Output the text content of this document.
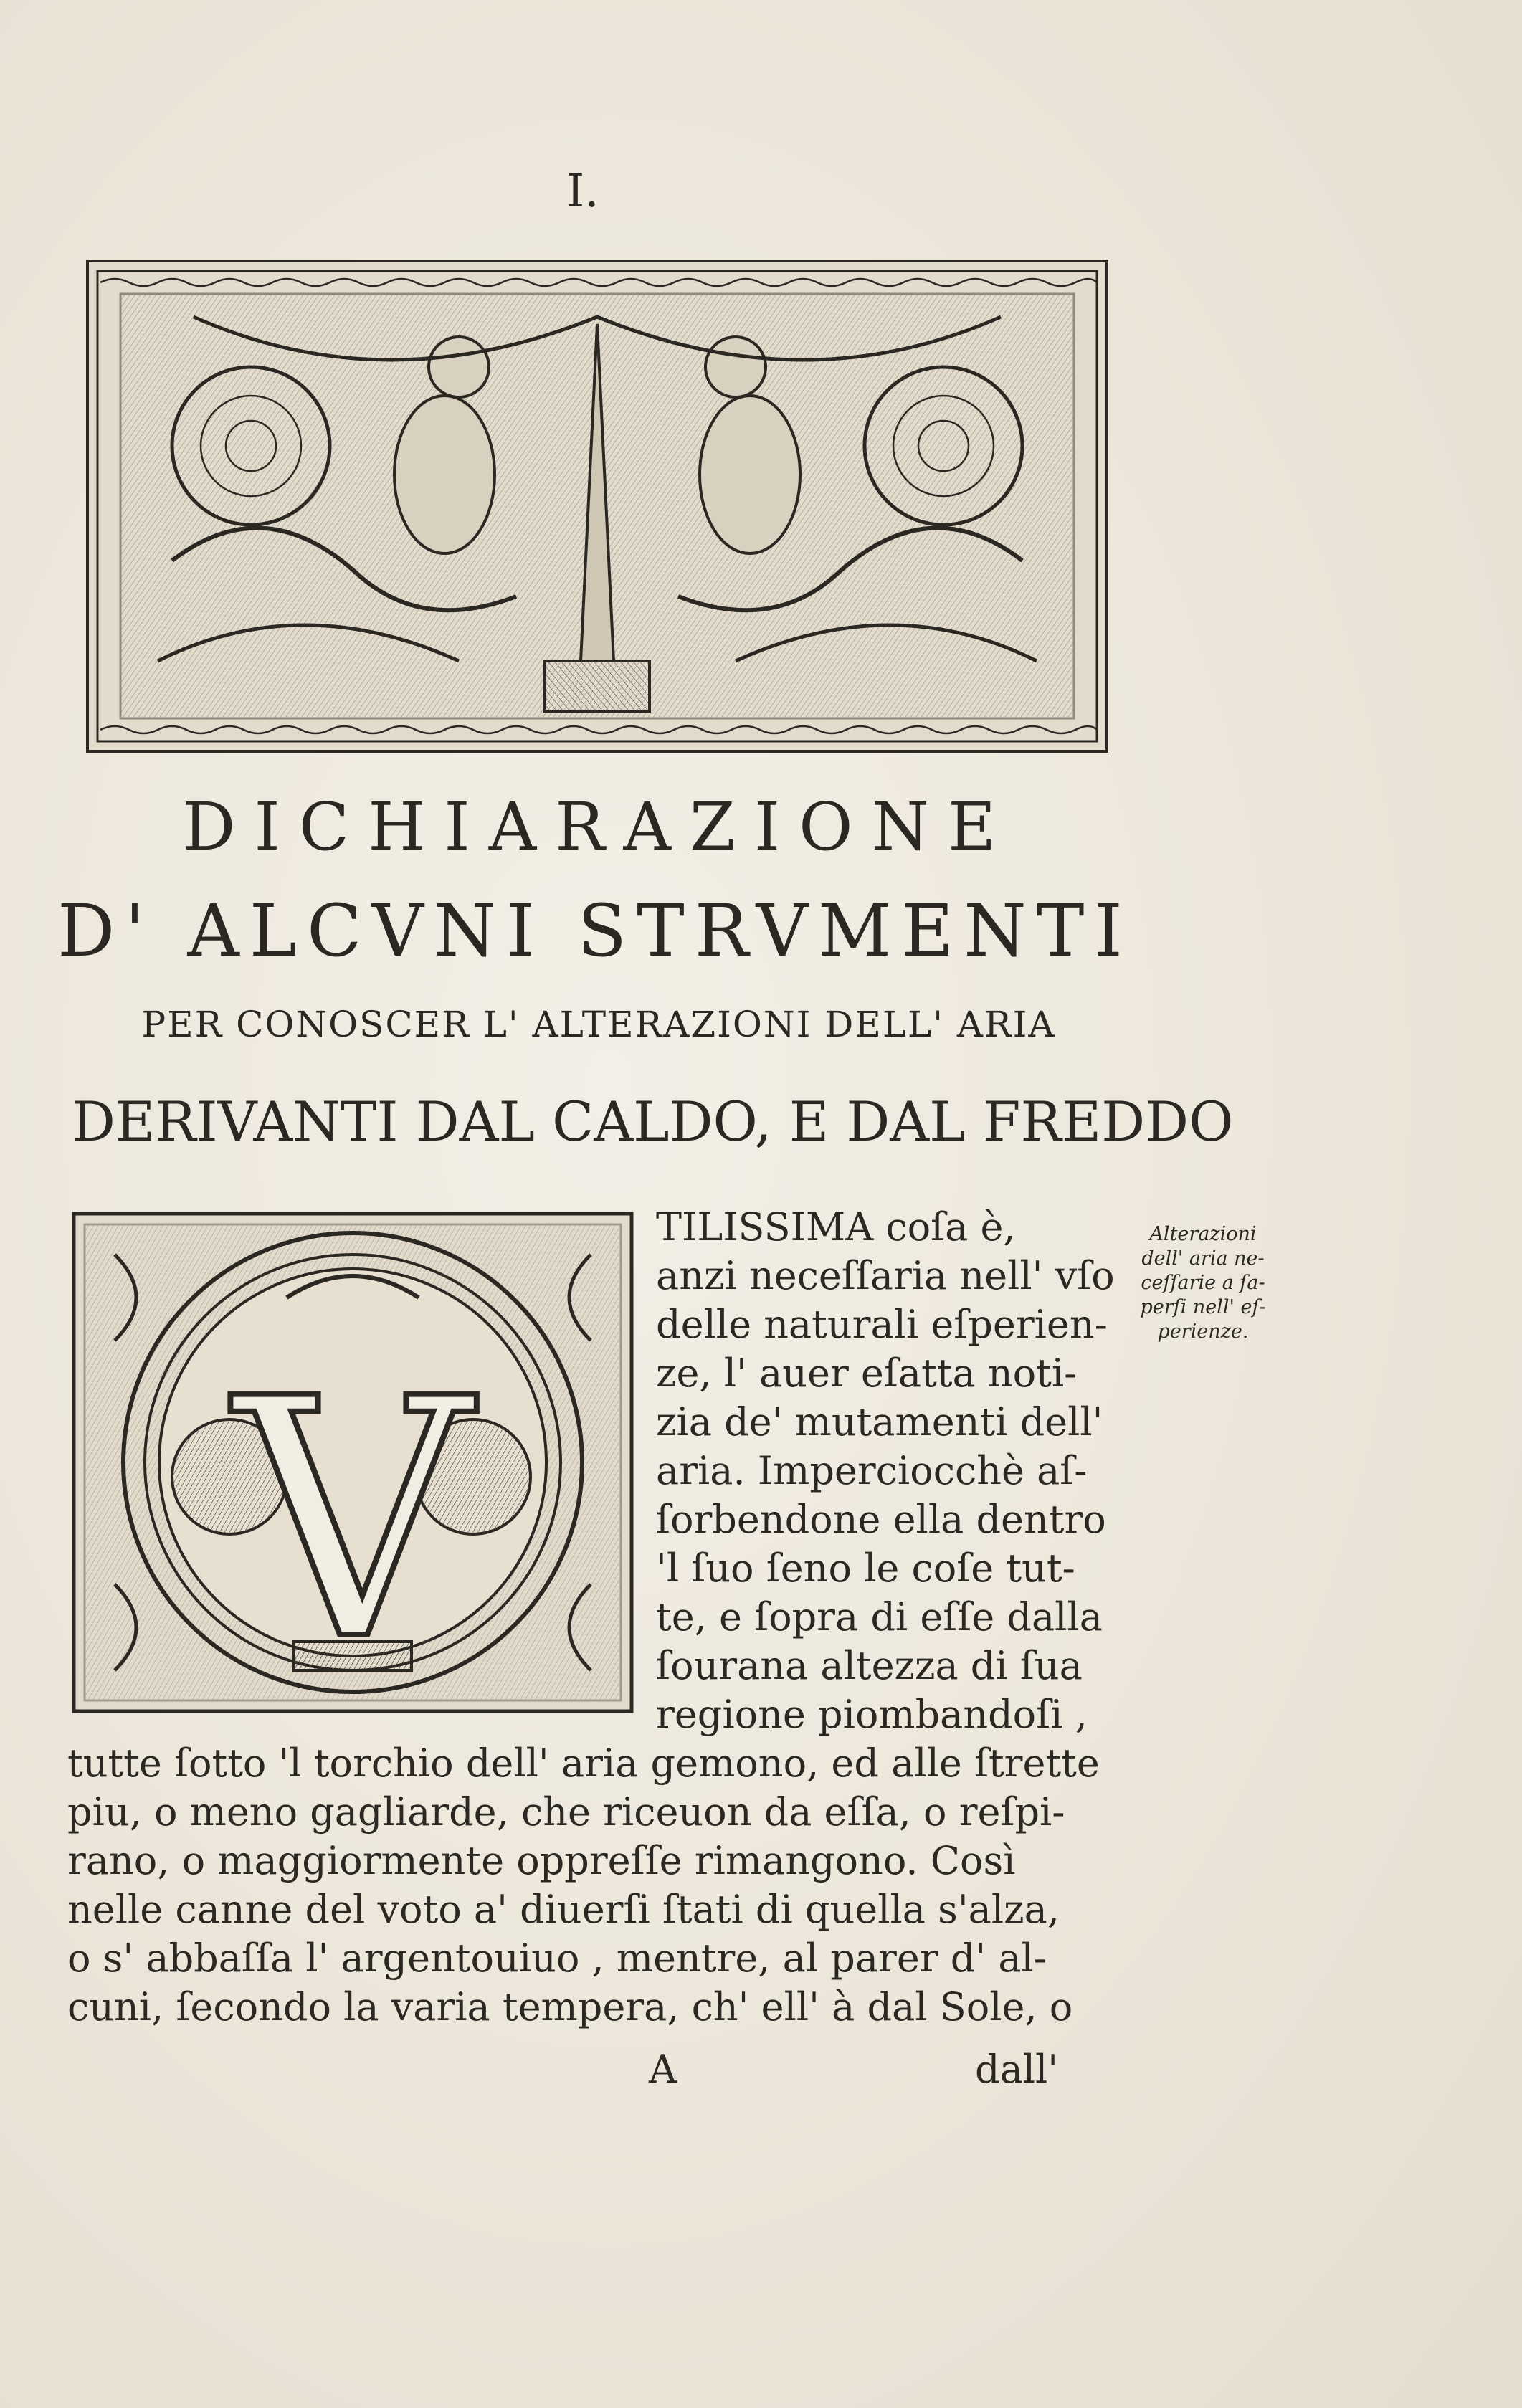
I.
DICHIARAZIONE
D' ALCVNI STRVMENTI
PER CONOSCER L' ALTERAZIONI DELL' ARIA
DERIVANTI DAL CALDO, E DAL FREDDO
V
Alterazioni
dell' aria ne-
ceſſarie a ſa-
perſi nell' eſ-
perienze.
TILISSIMA coſa è,
anzi neceſſaria nell' vſo
delle naturali eſperien-
ze, l' auer eſatta noti-
zia de' mutamenti dell'
aria. Imperciocchè aſ-
ſorbendone ella dentro
'l ſuo ſeno le coſe tut-
te, e ſopra di eſſe dalla
ſourana altezza di ſua
regione piombandoſi ,
tutte ſotto 'l torchio dell' aria gemono, ed alle ſtrette
piu, o meno gagliarde, che riceuon da eſſa, o reſpi-
rano, o maggiormente oppreſſe rimangono. Così
nelle canne del voto a' diuerſi ſtati di quella s'alza,
o s' abbaſſa l' argentouiuo , mentre, al parer d' al-
cuni, ſecondo la varia tempera, ch' ell' à dal Sole, o
A	dall'
